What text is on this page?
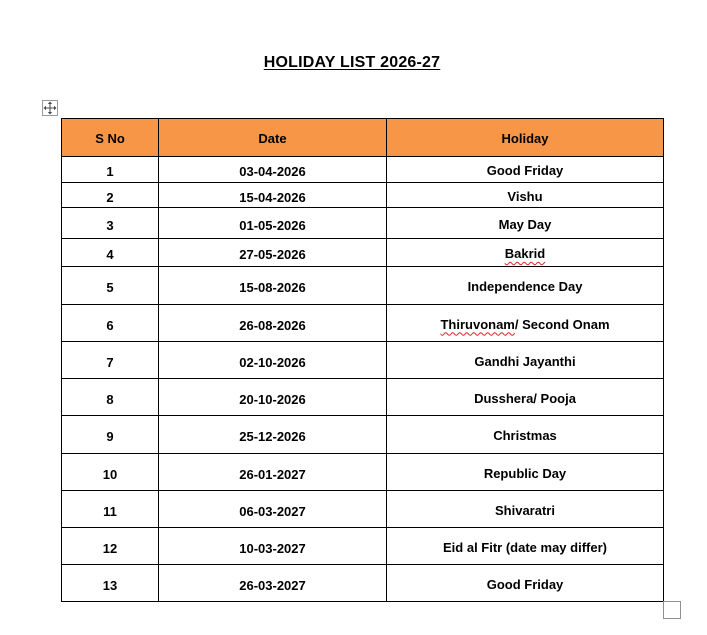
HOLIDAY LIST 2026-27
S No	Date	Holiday
1	03-04-2026	Good Friday
2	15-04-2026	Vishu
3	01-05-2026	May Day
4	27-05-2026	Bakrid
5	15-08-2026	Independence Day
6	26-08-2026	Thiruvonam/ Second Onam
7	02-10-2026	Gandhi Jayanthi
8	20-10-2026	Dusshera/ Pooja
9	25-12-2026	Christmas
10	26-01-2027	Republic Day
11	06-03-2027	Shivaratri
12	10-03-2027	Eid al Fitr (date may differ)
13	26-03-2027	Good Friday
